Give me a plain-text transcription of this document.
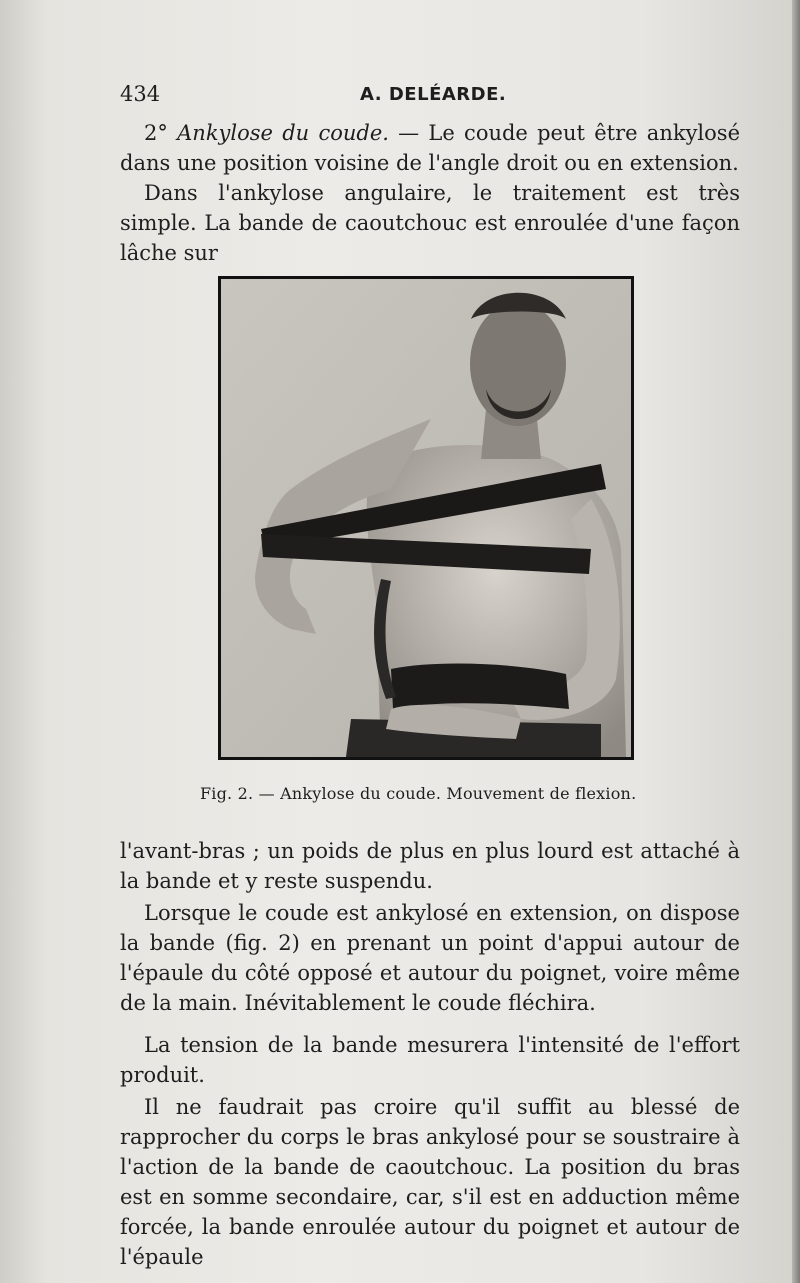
434	A. DELÉARDE.

2° Ankylose du coude. — Le coude peut être ankylosé dans une position voisine de l'angle droit ou en extension.
Dans l'ankylose angulaire, le traitement est très simple. La bande de caoutchouc est enroulée d'une façon lâche sur

Fig. 2. — Ankylose du coude. Mouvement de flexion.

l'avant-bras ; un poids de plus en plus lourd est attaché à la bande et y reste suspendu.

Lorsque le coude est ankylosé en extension, on dispose la bande (fig. 2) en prenant un point d'appui autour de l'épaule du côté opposé et autour du poignet, voire même de la main. Inévitablement le coude fléchira.

La tension de la bande mesurera l'intensité de l'effort produit.

Il ne faudrait pas croire qu'il suffit au blessé de rapprocher du corps le bras ankylosé pour se soustraire à l'action de la bande de caoutchouc. La position du bras est en somme secondaire, car, s'il est en adduction même forcée, la bande enroulée autour du poignet et autour de l'épaule
